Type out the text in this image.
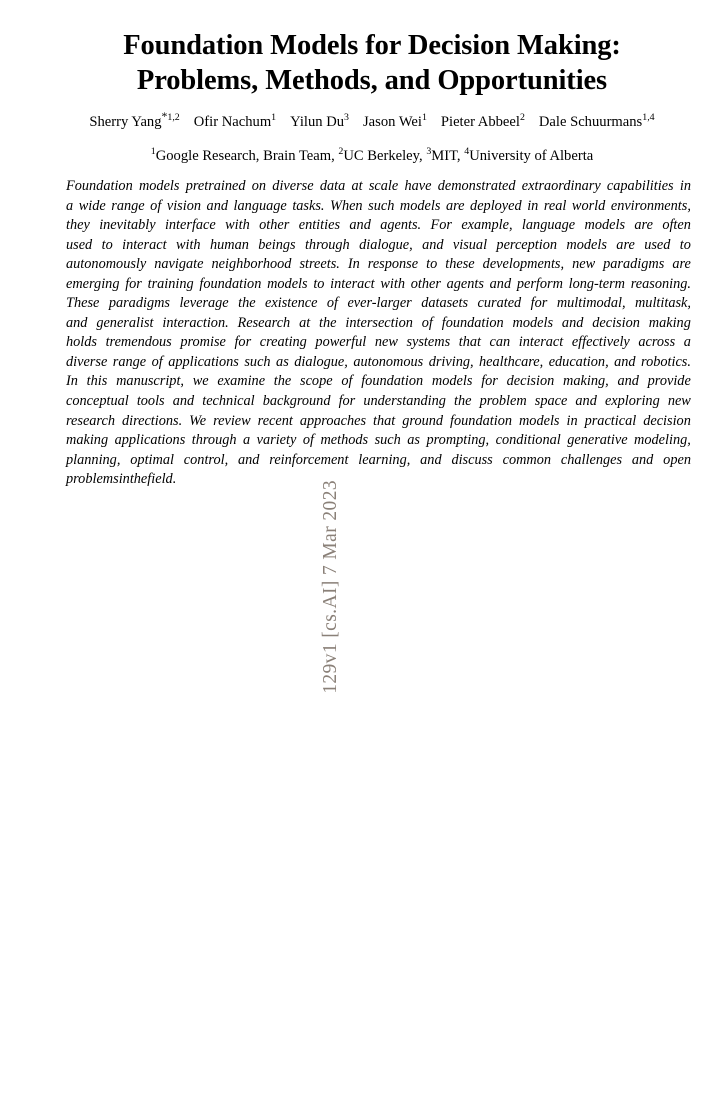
129v1 [cs.AI] 7 Mar 2023
Foundation Models for Decision Making:
Problems, Methods, and Opportunities
Sherry Yang$^{*1,2}$ Ofir Nachum$^1$ Yilun Du$^3$ Jason Wei$^1$ Pieter Abbeel$^2$ Dale Schuurmans$^{1,4}$
$^1$Google Research, Brain Team, $^2$UC Berkeley, $^3$MIT, $^4$University of Alberta
Foundation models pretrained on diverse data at scale have demonstrated extraordinary capabilities in
a wide range of vision and language tasks. When such models are deployed in real world environments,
they inevitably interface with other entities and agents. For example, language models are often
used to interact with human beings through dialogue, and visual perception models are used to
autonomously navigate neighborhood streets. In response to these developments, new paradigms are
emerging for training foundation models to interact with other agents and perform long-term reasoning.
These paradigms leverage the existence of ever-larger datasets curated for multimodal, multitask,
and generalist interaction. Research at the intersection of foundation models and decision making
holds tremendous promise for creating powerful new systems that can interact effectively across a
diverse range of applications such as dialogue, autonomous driving, healthcare, education, and robotics.
In this manuscript, we examine the scope of foundation models for decision making, and provide
conceptual tools and technical background for understanding the problem space and exploring new
research directions. We review recent approaches that ground foundation models in practical decision
making applications through a variety of methods such as prompting, conditional generative modeling,
planning, optimal control, and reinforcement learning, and discuss common challenges and open
problems in the field.
